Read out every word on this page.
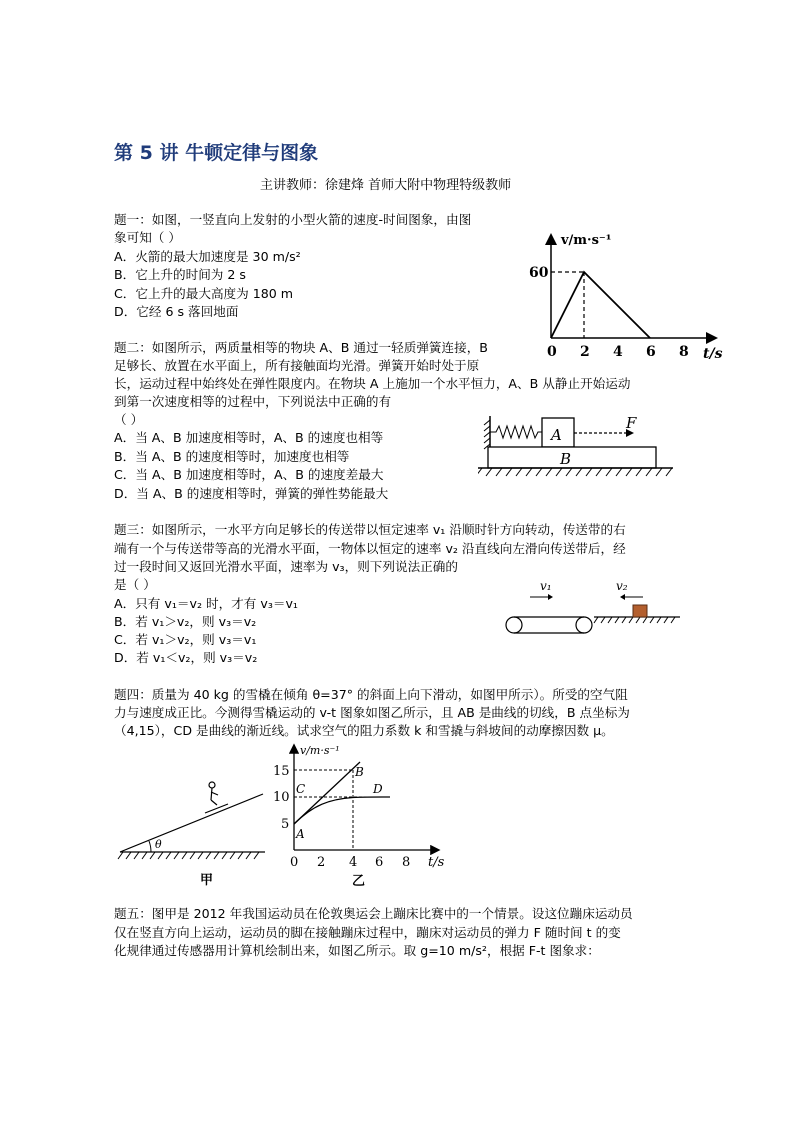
第 5 讲 牛顿定律与图象
主讲教师：徐建烽 首师大附中物理特级教师
题一：如图，一竖直向上发射的小型火箭的速度-时间图象，由图
象可知（ ）
A．火箭的最大加速度是 30 m/s²
B．它上升的时间为 2 s
C．它上升的最大高度为 180 m
D．它经 6 s 落回地面
v/m·s⁻¹
t/s
60
0 2 4 6 8
题二：如图所示，两质量相等的物块 A、B 通过一轻质弹簧连接，B
足够长、放置在水平面上，所有接触面均光滑。弹簧开始时处于原
长，运动过程中始终处在弹性限度内。在物块 A 上施加一个水平恒力，A、B 从静止开始运动
到第一次速度相等的过程中，下列说法中正确的有
（ ）
A．当 A、B 加速度相等时，A、B 的速度也相等
B．当 A、B 的速度相等时，加速度也相等
C．当 A、B 加速度相等时，A、B 的速度差最大
D．当 A、B 的速度相等时，弹簧的弹性势能最大
A
F
B
题三：如图所示，一水平方向足够长的传送带以恒定速率 v₁ 沿顺时针方向转动，传送带的右
端有一个与传送带等高的光滑水平面，一物体以恒定的速率 v₂ 沿直线向左滑向传送带后，经
过一段时间又返回光滑水平面，速率为 v₃，则下列说法正确的
是（ ）
A．只有 v₁＝v₂ 时，才有 v₃＝v₁
B．若 v₁＞v₂，则 v₃＝v₂
C．若 v₁＞v₂，则 v₃＝v₁
D．若 v₁＜v₂，则 v₃＝v₂
v₁	v₂
题四：质量为 40 kg 的雪橇在倾角 θ=37° 的斜面上向下滑动，如图甲所示）。所受的空气阻
力与速度成正比。今测得雪橇运动的 v-t 图象如图乙所示，且 AB 是曲线的切线，B 点坐标为
（4,15），CD 是曲线的渐近线。试求空气的阻力系数 k 和雪撬与斜坡间的动摩擦因数 μ。
θ
甲
v/m·s⁻¹
t/s
15
10
5
0 2 4 6 8
A
B
C	D
乙
题五：图甲是 2012 年我国运动员在伦敦奥运会上蹦床比赛中的一个情景。设这位蹦床运动员
仅在竖直方向上运动，运动员的脚在接触蹦床过程中，蹦床对运动员的弹力 F 随时间 t 的变
化规律通过传感器用计算机绘制出来，如图乙所示。取 g=10 m/s²，根据 F-t 图象求：
